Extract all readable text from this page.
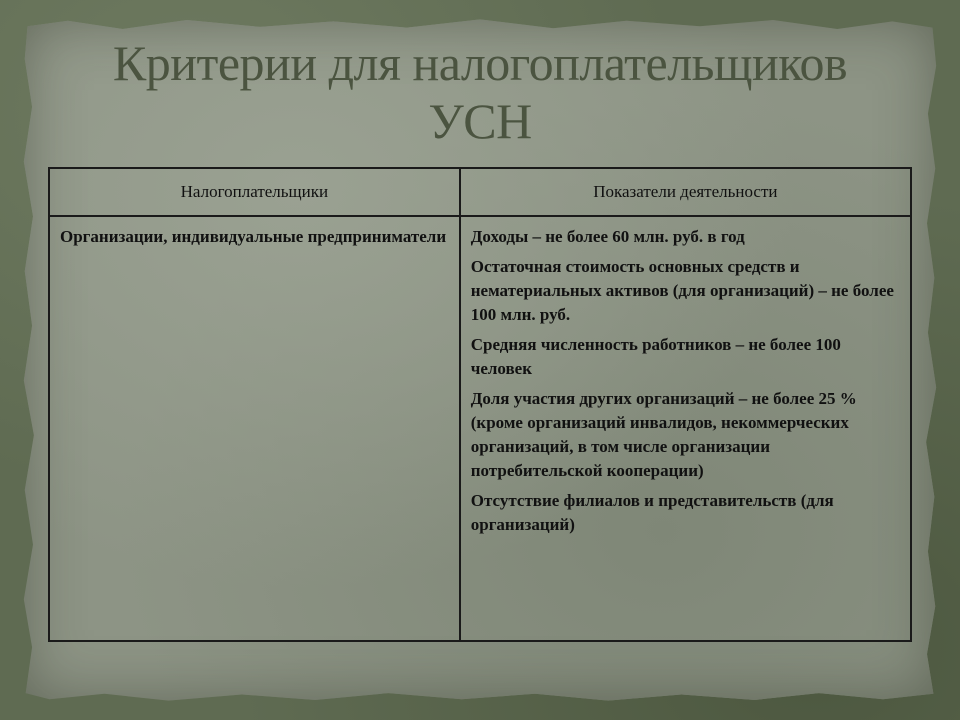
Критерии для налогоплательщиков
УСН
Налогоплательщики	Показатели деятельности
Организации, индивидуальные предприниматели	Доходы – не более 60 млн. руб. в год
Остаточная стоимость основных средств и нематериальных активов (для организаций) – не более 100 млн. руб.
Средняя численность работников – не более 100 человек
Доля участия других организаций – не более 25 %(кроме организаций инвалидов, некоммерческих организаций, в том числе организации потребительской кооперации)
Отсутствие филиалов и представительств (для организаций)
